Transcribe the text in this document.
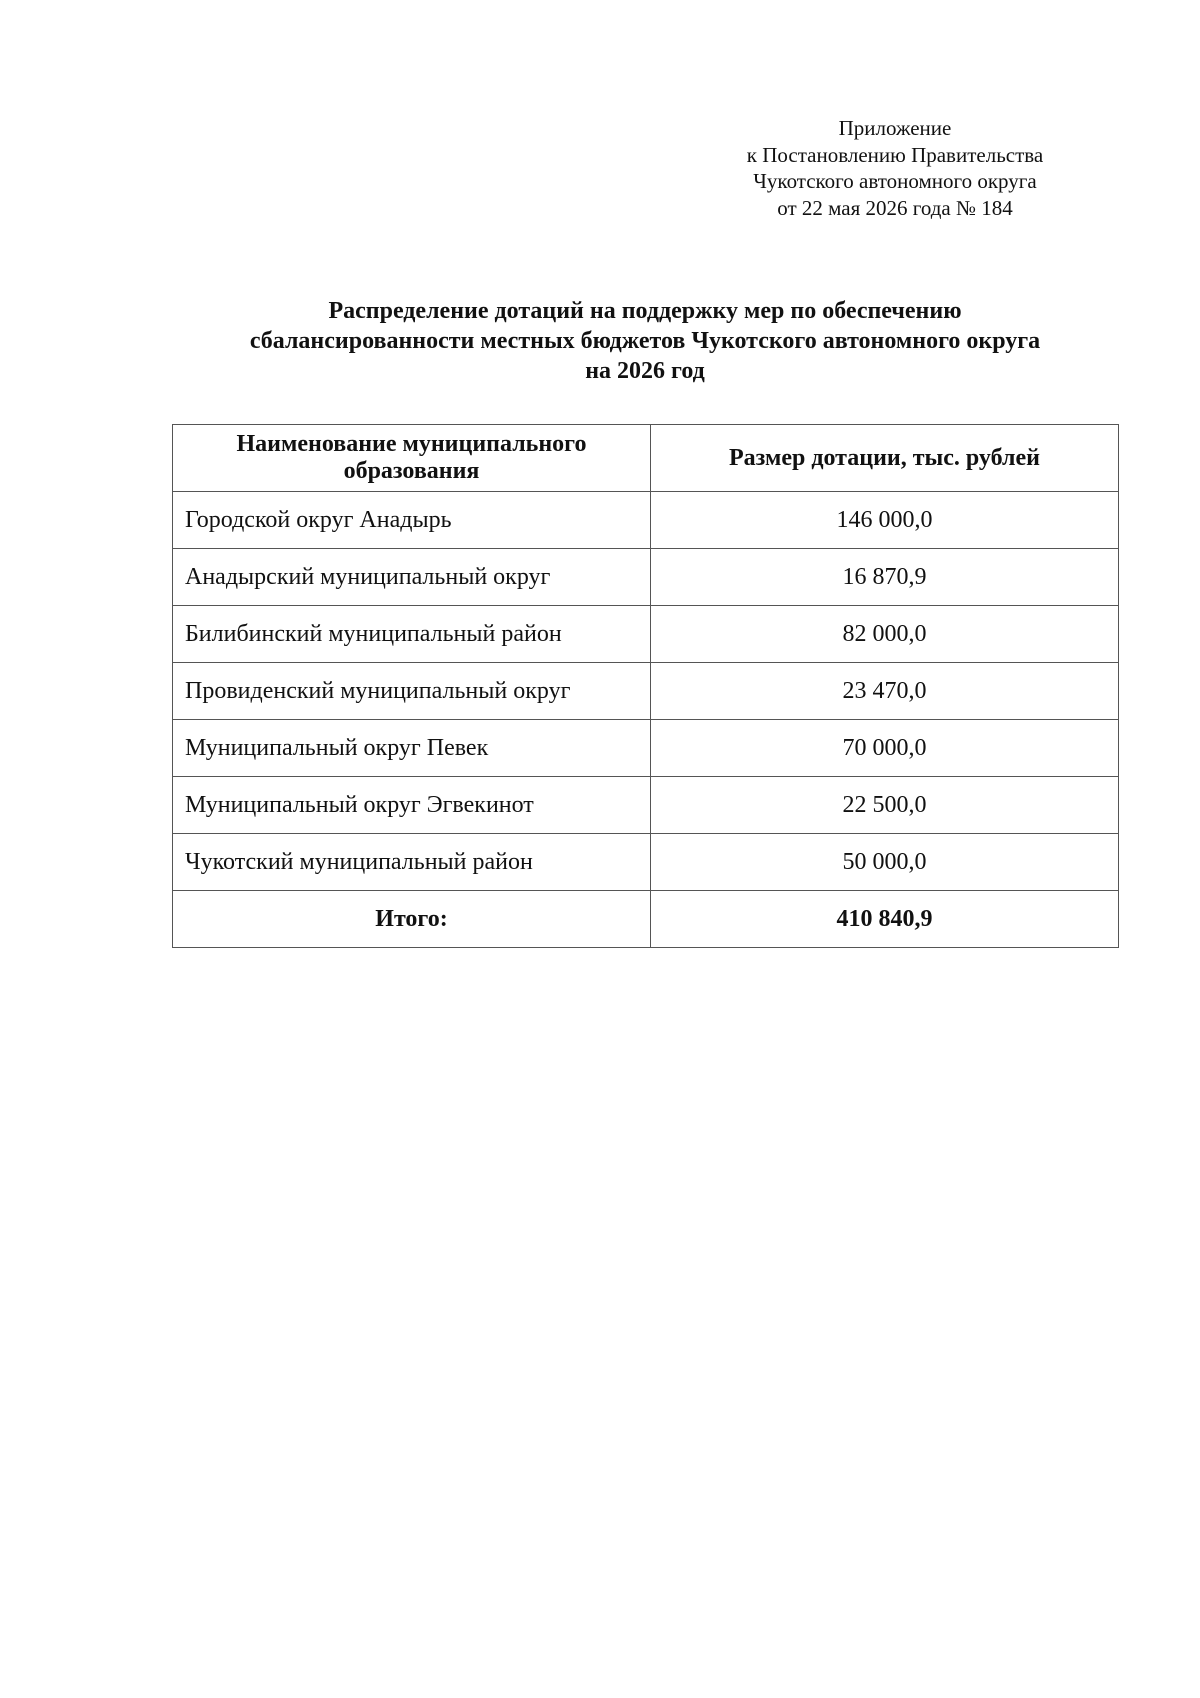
Приложение
к Постановлению Правительства
Чукотского автономного округа
от 22 мая 2026 года № 184
Распределение дотаций на поддержку мер по обеспечению
сбалансированности местных бюджетов Чукотского автономного округа
на 2026 год
Наименование муниципального образования	Размер дотации, тыс. рублей
Городской округ Анадырь	146 000,0
Анадырский муниципальный округ	16 870,9
Билибинский муниципальный район	82 000,0
Провиденский муниципальный округ	23 470,0
Муниципальный округ Певек	70 000,0
Муниципальный округ Эгвекинот	22 500,0
Чукотский муниципальный район	50 000,0
Итого:	410 840,9
